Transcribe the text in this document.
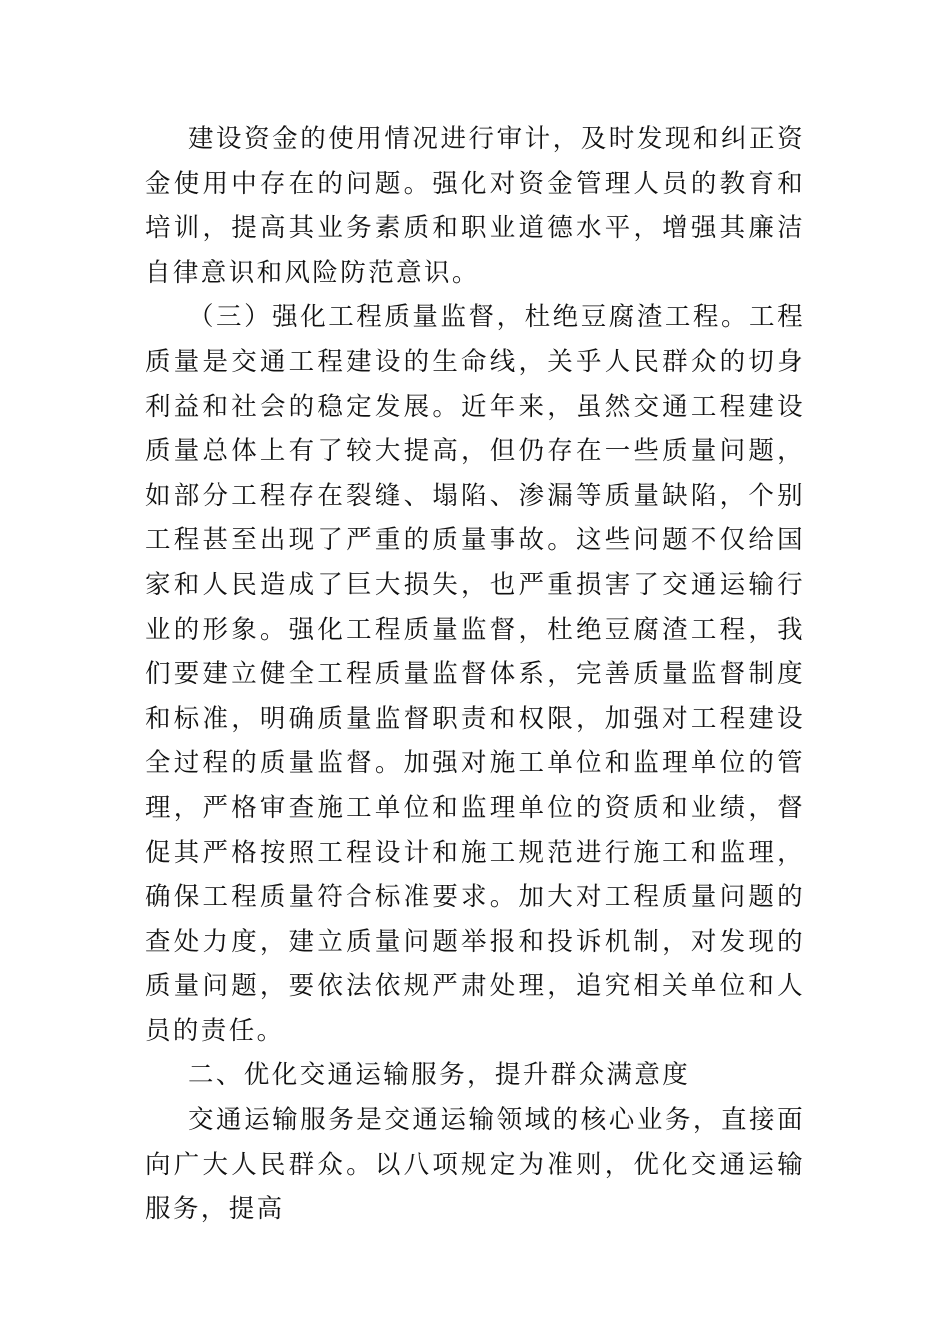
建设资金的使用情况进行审计，及时发现和纠正资金使用中存在的问题。强化对资金管理人员的教育和培训，提高其业务素质和职业道德水平，增强其廉洁自律意识和风险防范意识。

（三）强化工程质量监督，杜绝豆腐渣工程。工程质量是交通工程建设的生命线，关乎人民群众的切身利益和社会的稳定发展。近年来，虽然交通工程建设质量总体上有了较大提高，但仍存在一些质量问题，如部分工程存在裂缝、塌陷、渗漏等质量缺陷，个别工程甚至出现了严重的质量事故。这些问题不仅给国家和人民造成了巨大损失，也严重损害了交通运输行业的形象。强化工程质量监督，杜绝豆腐渣工程，我们要建立健全工程质量监督体系，完善质量监督制度和标准，明确质量监督职责和权限，加强对工程建设全过程的质量监督。加强对施工单位和监理单位的管理，严格审查施工单位和监理单位的资质和业绩，督促其严格按照工程设计和施工规范进行施工和监理，确保工程质量符合标准要求。加大对工程质量问题的查处力度，建立质量问题举报和投诉机制，对发现的质量问题，要依法依规严肃处理，追究相关单位和人员的责任。

二、优化交通运输服务，提升群众满意度

交通运输服务是交通运输领域的核心业务，直接面向广大人民群众。以八项规定为准则，优化交通运输服务，提高
